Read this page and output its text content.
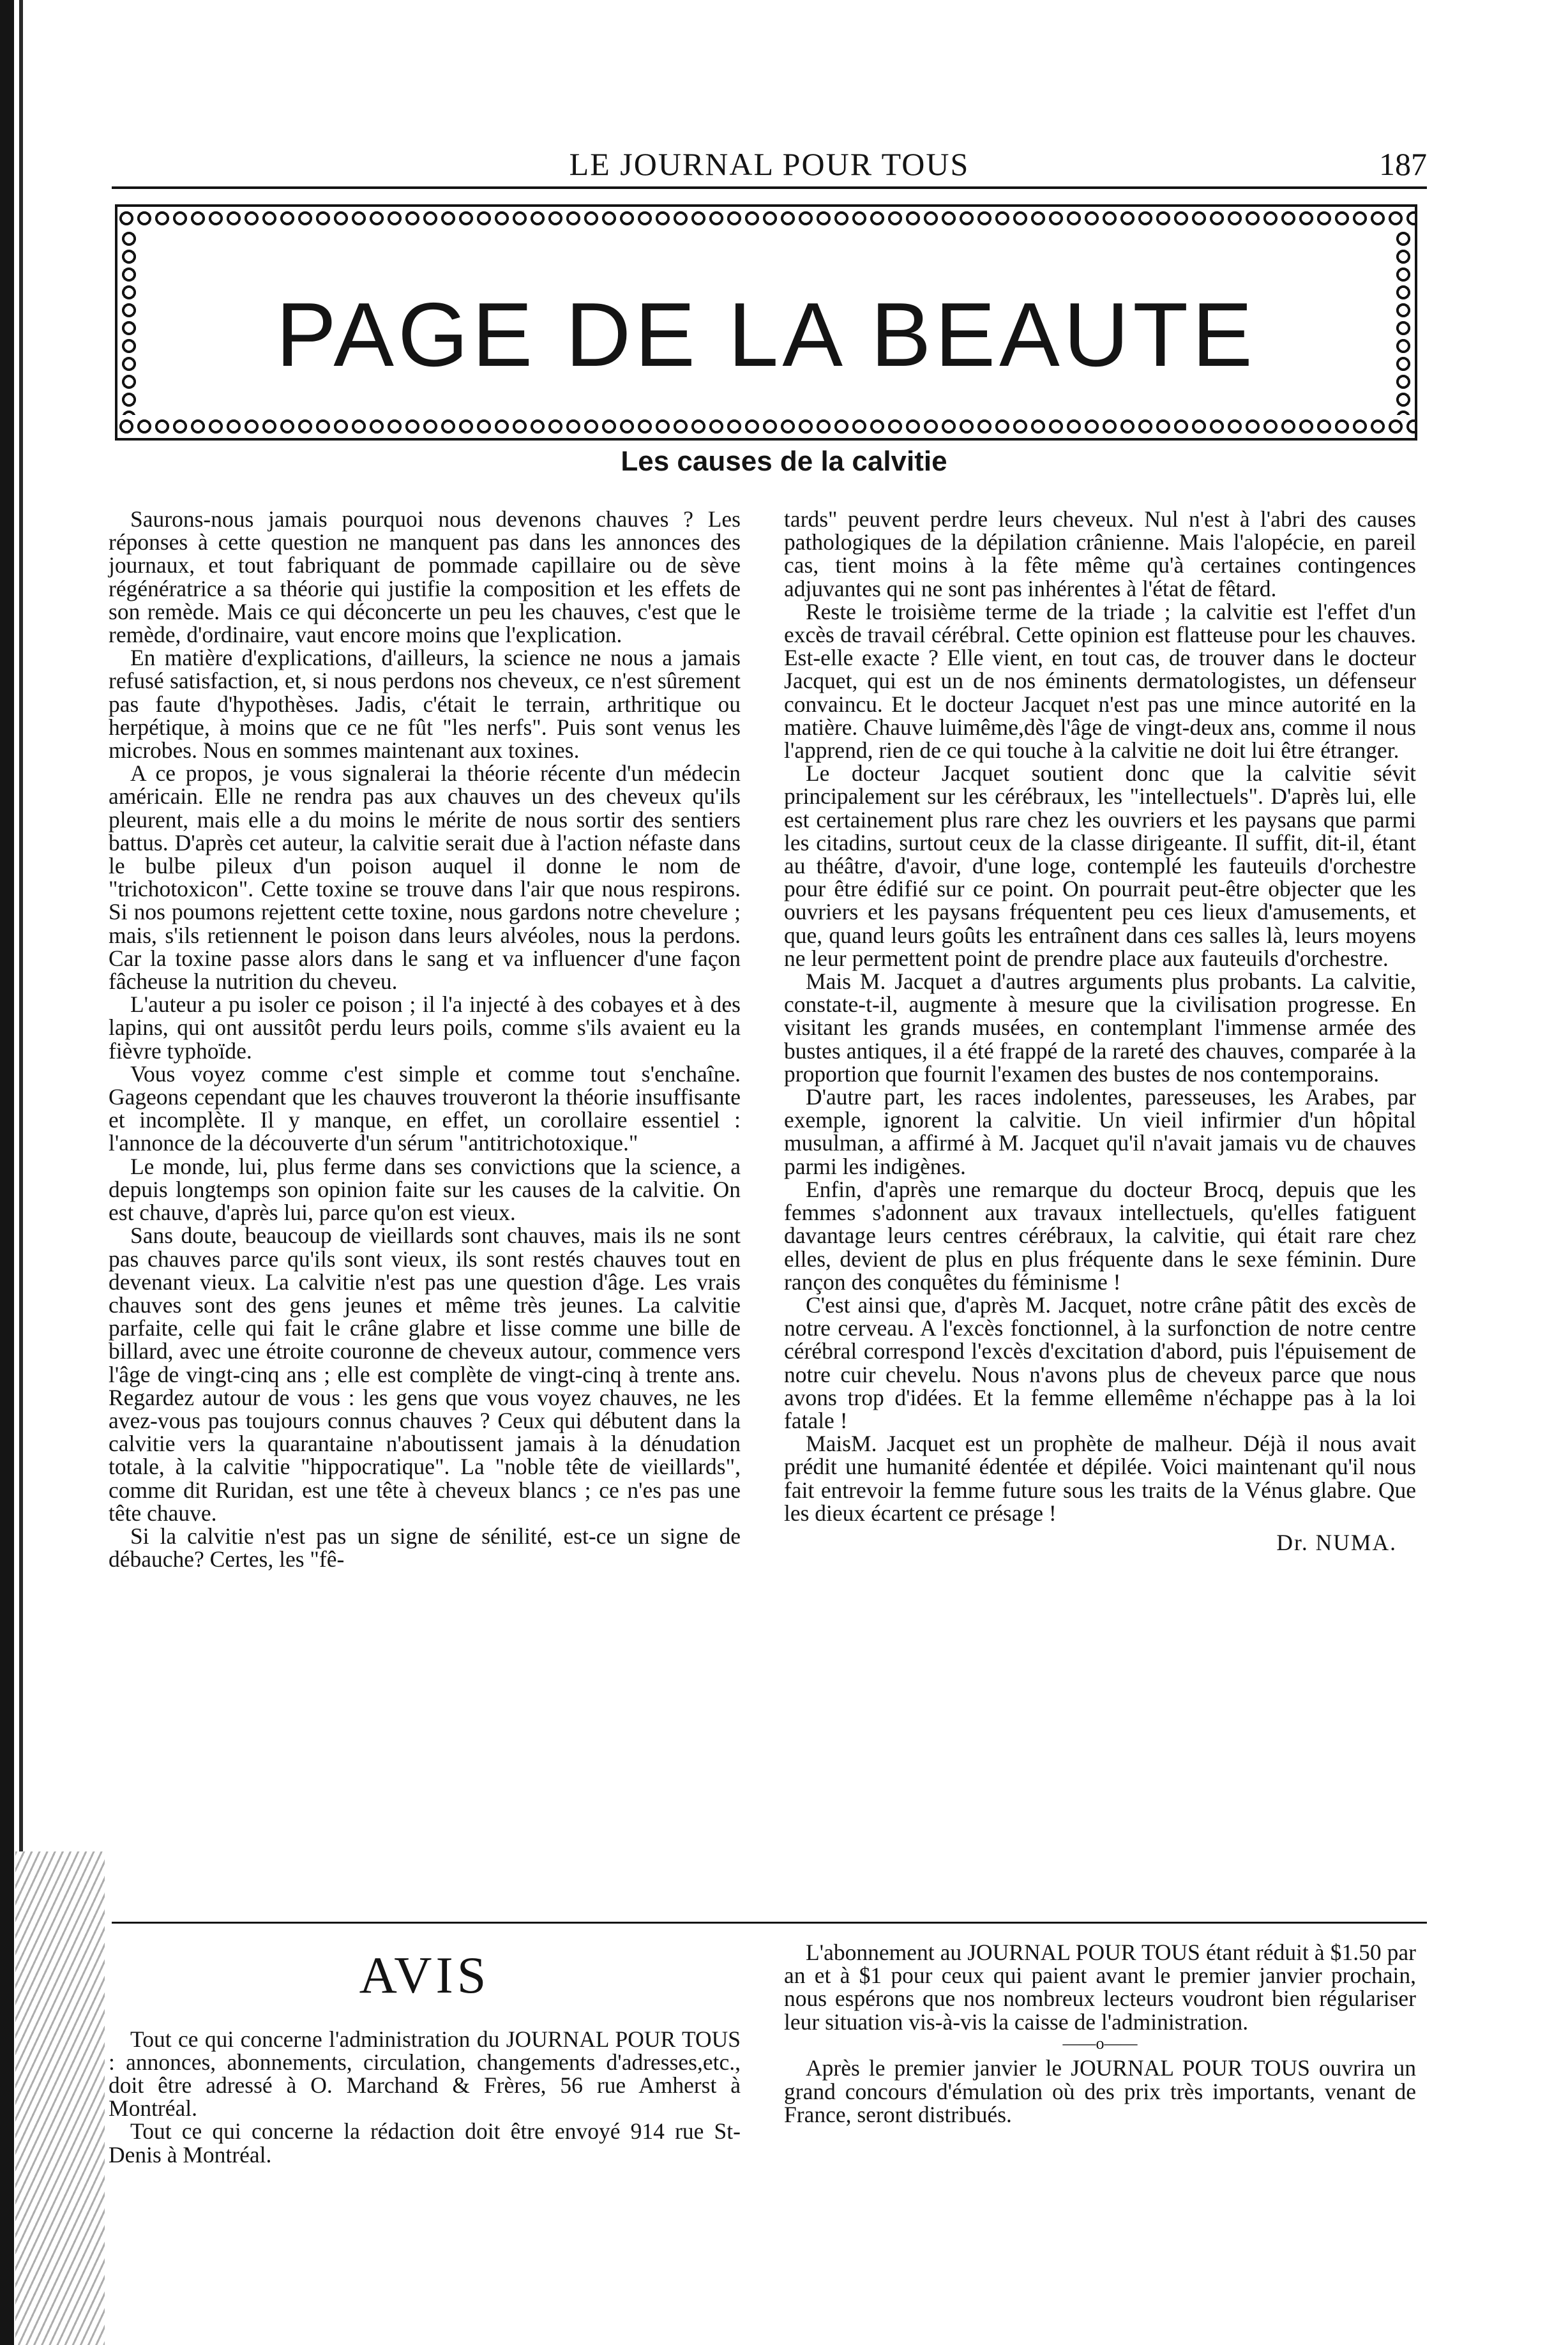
LE JOURNAL POUR TOUS	187
PAGE DE LA BEAUTE
Les causes de la calvitie

Saurons-nous jamais pourquoi nous devenons chauves ? Les réponses à cette question ne manquent pas dans les annonces des journaux, et tout fabriquant de pommade capillaire ou de sève régénératrice a sa théorie qui justifie la composition et les effets de son remède. Mais ce qui déconcerte un peu les chauves, c'est que le remède, d'ordinaire, vaut encore moins que l'explication.

En matière d'explications, d'ailleurs, la science ne nous a jamais refusé satisfaction, et, si nous perdons nos cheveux, ce n'est sûrement pas faute d'hypothèses. Jadis, c'était le terrain, arthritique ou herpétique, à moins que ce ne fût "les nerfs". Puis sont venus les microbes. Nous en sommes maintenant aux toxines.

A ce propos, je vous signalerai la théorie récente d'un médecin américain. Elle ne rendra pas aux chauves un des cheveux qu'ils pleurent, mais elle a du moins le mérite de nous sortir des sentiers battus. D'après cet auteur, la calvitie serait due à l'action néfaste dans le bulbe pileux d'un poison auquel il donne le nom de "trichotoxicon". Cette toxine se trouve dans l'air que nous respirons. Si nos poumons rejettent cette toxine, nous gardons notre chevelure ; mais, s'ils retiennent le poison dans leurs alvéoles, nous la perdons. Car la toxine passe alors dans le sang et va influencer d'une façon fâcheuse la nutrition du cheveu.

L'auteur a pu isoler ce poison ; il l'a injecté à des cobayes et à des lapins, qui ont aussitôt perdu leurs poils, comme s'ils avaient eu la fièvre typhoïde.

Vous voyez comme c'est simple et comme tout s'enchaîne. Gageons cependant que les chauves trouveront la théorie insuffisante et incomplète. Il y manque, en effet, un corollaire essentiel : l'annonce de la découverte d'un sérum "antitrichotoxique."

Le monde, lui, plus ferme dans ses convictions que la science, a depuis longtemps son opinion faite sur les causes de la calvitie. On est chauve, d'après lui, parce qu'on est vieux.

Sans doute, beaucoup de vieillards sont chauves, mais ils ne sont pas chauves parce qu'ils sont vieux, ils sont restés chauves tout en devenant vieux. La calvitie n'est pas une question d'âge. Les vrais chauves sont des gens jeunes et même très jeunes. La calvitie parfaite, celle qui fait le crâne glabre et lisse comme une bille de billard, avec une étroite couronne de cheveux autour, commence vers l'âge de vingt-cinq ans ; elle est complète de vingt-cinq à trente ans. Regardez autour de vous : les gens que vous voyez chauves, ne les avez-vous pas toujours connus chauves ? Ceux qui débutent dans la calvitie vers la quarantaine n'aboutissent jamais à la dénudation totale, à la calvitie "hippocratique". La "noble tête de vieillards", comme dit Ruridan, est une tête à cheveux blancs ; ce n'es pas une tête chauve.

Si la calvitie n'est pas un signe de sénilité, est-ce un signe de débauche? Certes, les "fê-

tards" peuvent perdre leurs cheveux. Nul n'est à l'abri des causes pathologiques de la dépilation crânienne. Mais l'alopécie, en pareil cas, tient moins à la fête même qu'à certaines contingences adjuvantes qui ne sont pas inhérentes à l'état de fêtard.

Reste le troisième terme de la triade ; la calvitie est l'effet d'un excès de travail cérébral. Cette opinion est flatteuse pour les chauves. Est-elle exacte ? Elle vient, en tout cas, de trouver dans le docteur Jacquet, qui est un de nos éminents dermatologistes, un défenseur convaincu. Et le docteur Jacquet n'est pas une mince autorité en la matière. Chauve luimême,dès l'âge de vingt-deux ans, comme il nous l'apprend, rien de ce qui touche à la calvitie ne doit lui être étranger.

Le docteur Jacquet soutient donc que la calvitie sévit principalement sur les cérébraux, les "intellectuels". D'après lui, elle est certainement plus rare chez les ouvriers et les paysans que parmi les citadins, surtout ceux de la classe dirigeante. Il suffit, dit-il, étant au théâtre, d'avoir, d'une loge, contemplé les fauteuils d'orchestre pour être édifié sur ce point. On pourrait peut-être objecter que les ouvriers et les paysans fréquentent peu ces lieux d'amusements, et que, quand leurs goûts les entraînent dans ces salles là, leurs moyens ne leur permettent point de prendre place aux fauteuils d'orchestre.

Mais M. Jacquet a d'autres arguments plus probants. La calvitie, constate-t-il, augmente à mesure que la civilisation progresse. En visitant les grands musées, en contemplant l'immense armée des bustes antiques, il a été frappé de la rareté des chauves, comparée à la proportion que fournit l'examen des bustes de nos contemporains.

D'autre part, les races indolentes, paresseuses, les Arabes, par exemple, ignorent la calvitie. Un vieil infirmier d'un hôpital musulman, a affirmé à M. Jacquet qu'il n'avait jamais vu de chauves parmi les indigènes.

Enfin, d'après une remarque du docteur Brocq, depuis que les femmes s'adonnent aux travaux intellectuels, qu'elles fatiguent davantage leurs centres cérébraux, la calvitie, qui était rare chez elles, devient de plus en plus fréquente dans le sexe féminin. Dure rançon des conquêtes du féminisme !

C'est ainsi que, d'après M. Jacquet, notre crâne pâtit des excès de notre cerveau. A l'excès fonctionnel, à la surfonction de notre centre cérébral correspond l'excès d'excitation d'abord, puis l'épuisement de notre cuir chevelu. Nous n'avons plus de cheveux parce que nous avons trop d'idées. Et la femme ellemême n'échappe pas à la loi fatale !

MaisM. Jacquet est un prophète de malheur. Déjà il nous avait prédit une humanité édentée et dépilée. Voici maintenant qu'il nous fait entrevoir la femme future sous les traits de la Vénus glabre. Que les dieux écartent ce présage !

Dr. NUMA.
AVIS

Tout ce qui concerne l'administration du JOURNAL POUR TOUS : annonces, abonnements, circulation, changements d'adresses,etc., doit être adressé à O. Marchand & Frères, 56 rue Amherst à Montréal.

Tout ce qui concerne la rédaction doit être envoyé 914 rue St-Denis à Montréal.

L'abonnement au JOURNAL POUR TOUS étant réduit à $1.50 par an et à $1 pour ceux qui paient avant le premier janvier prochain, nous espérons que nos nombreux lecteurs voudront bien régulariser leur situation vis-à-vis la caisse de l'administration.

——o——

Après le premier janvier le JOURNAL POUR TOUS ouvrira un grand concours d'émulation où des prix très importants, venant de France, seront distribués.
